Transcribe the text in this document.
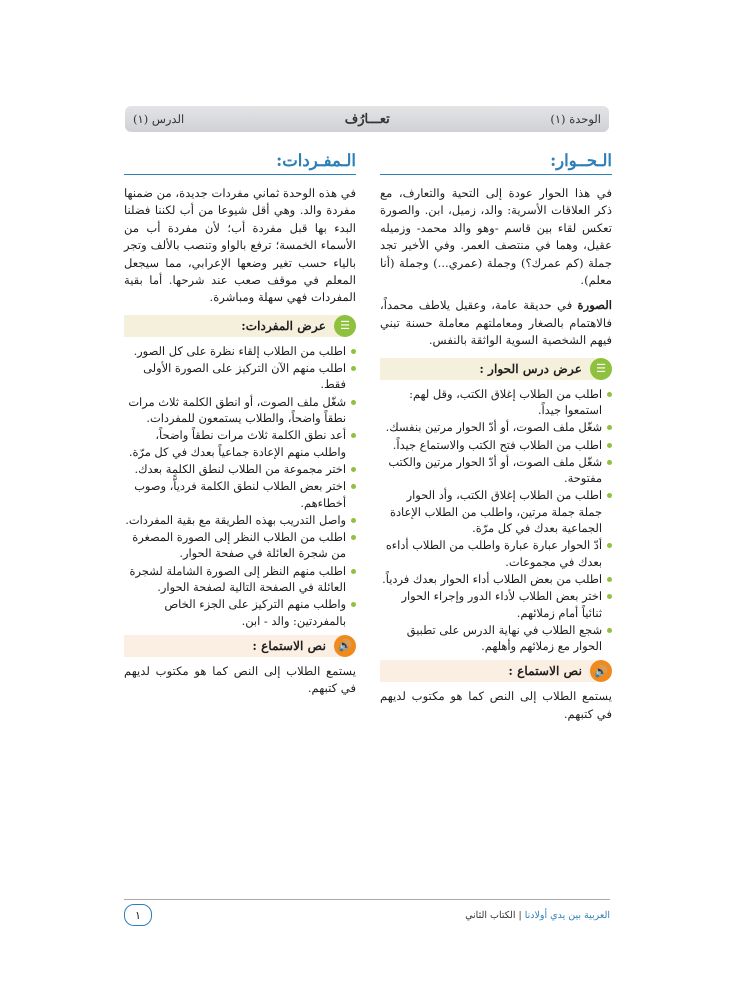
الوحدة (١)
تعـــارُف
الدرس (١)
الـحــوار:

في هذا الحوار عودة إلى التحية والتعارف، مع ذكر العلاقات الأسرية: والد، زميل، ابن. والصورة تعكس لقاء بين قاسم -وهو والد محمد- وزميله عقيل، وهما في منتصف العمر. وفي الأخير تجد جملة (كم عمرك؟) وجملة (عمري...) وجملة (أنا معلم).

الصورة في حديقة عامة، وعقيل يلاطف محمداً، فالاهتمام بالصغار ومعاملتهم معاملة حسنة تبني فيهم الشخصية السوية الواثقة بالنفس.

☰
عرض درس الحوار :
اطلب من الطلاب إغلاق الكتب، وقل لهم: استمعوا جيداً.
شغّل ملف الصوت، أو أدّ الحوار مرتين بنفسك.
اطلب من الطلاب فتح الكتب والاستماع جيداً.
شغّل ملف الصوت، أو أدّ الحوار مرتين والكتب مفتوحة.
اطلب من الطلاب إغلاق الكتب، وأد الحوار جملة جملة مرتين، واطلب من الطلاب الإعادة الجماعية بعدك في كل مرّة.
أدّ الحوار عبارة عبارة واطلب من الطلاب أداءه بعدك في مجموعات.
اطلب من بعض الطلاب أداء الحوار بعدك فردياً.
اختر بعض الطلاب لأداء الدور وإجراء الحوار ثنائياً أمام زملائهم.
شجع الطلاب في نهاية الدرس على تطبيق الحوار مع زملائهم وأهلهم.
🔊
نص الاستماع :

يستمع الطلاب إلى النص كما هو مكتوب لديهم في كتبهم.

الـمفـردات:

في هذه الوحدة ثماني مفردات جديدة، من ضمنها مفردة والد. وهي أقل شيوعا من أب لكننا فضلنا البدء بها قبل مفردة أب؛ لأن مفردة أب من الأسماء الخمسة؛ ترفع بالواو وتنصب بالألف وتجر بالياء حسب تغير وضعها الإعرابي، مما سيجعل المعلم في موقف صعب عند شرحها. أما بقية المفردات فهي سهلة ومباشرة.

☰
عرض المفردات:
اطلب من الطلاب إلقاء نظرة على كل الصور.
اطلب منهم الآن التركيز على الصورة الأولى فقط.
شغّل ملف الصوت، أو انطق الكلمة ثلاث مرات نطقاً واضحاً، والطلاب يستمعون للمفردات.
أعد نطق الكلمة ثلاث مرات نطقاً واضحاً، واطلب منهم الإعادة جماعياً بعدك في كل مرّة.
اختر مجموعة من الطلاب لنطق الكلمة بعدك.
اختر بعض الطلاب لنطق الكلمة فردياًّ، وصوب أخطاءهم.
واصل التدريب بهذه الطريقة مع بقية المفردات.
اطلب من الطلاب النظر إلى الصورة المصغرة من شجرة العائلة في صفحة الحوار.
اطلب منهم النظر إلى الصورة الشاملة لشجرة العائلة في الصفحة التالية لصفحة الحوار.
واطلب منهم التركيز على الجزء الخاص بالمفردتين: والد - ابن.
🔊
نص الاستماع :

يستمع الطلاب إلى النص كما هو مكتوب لديهم في كتبهم.

العربية بين يدي أولادنا
|
الكتاب الثاني
١
